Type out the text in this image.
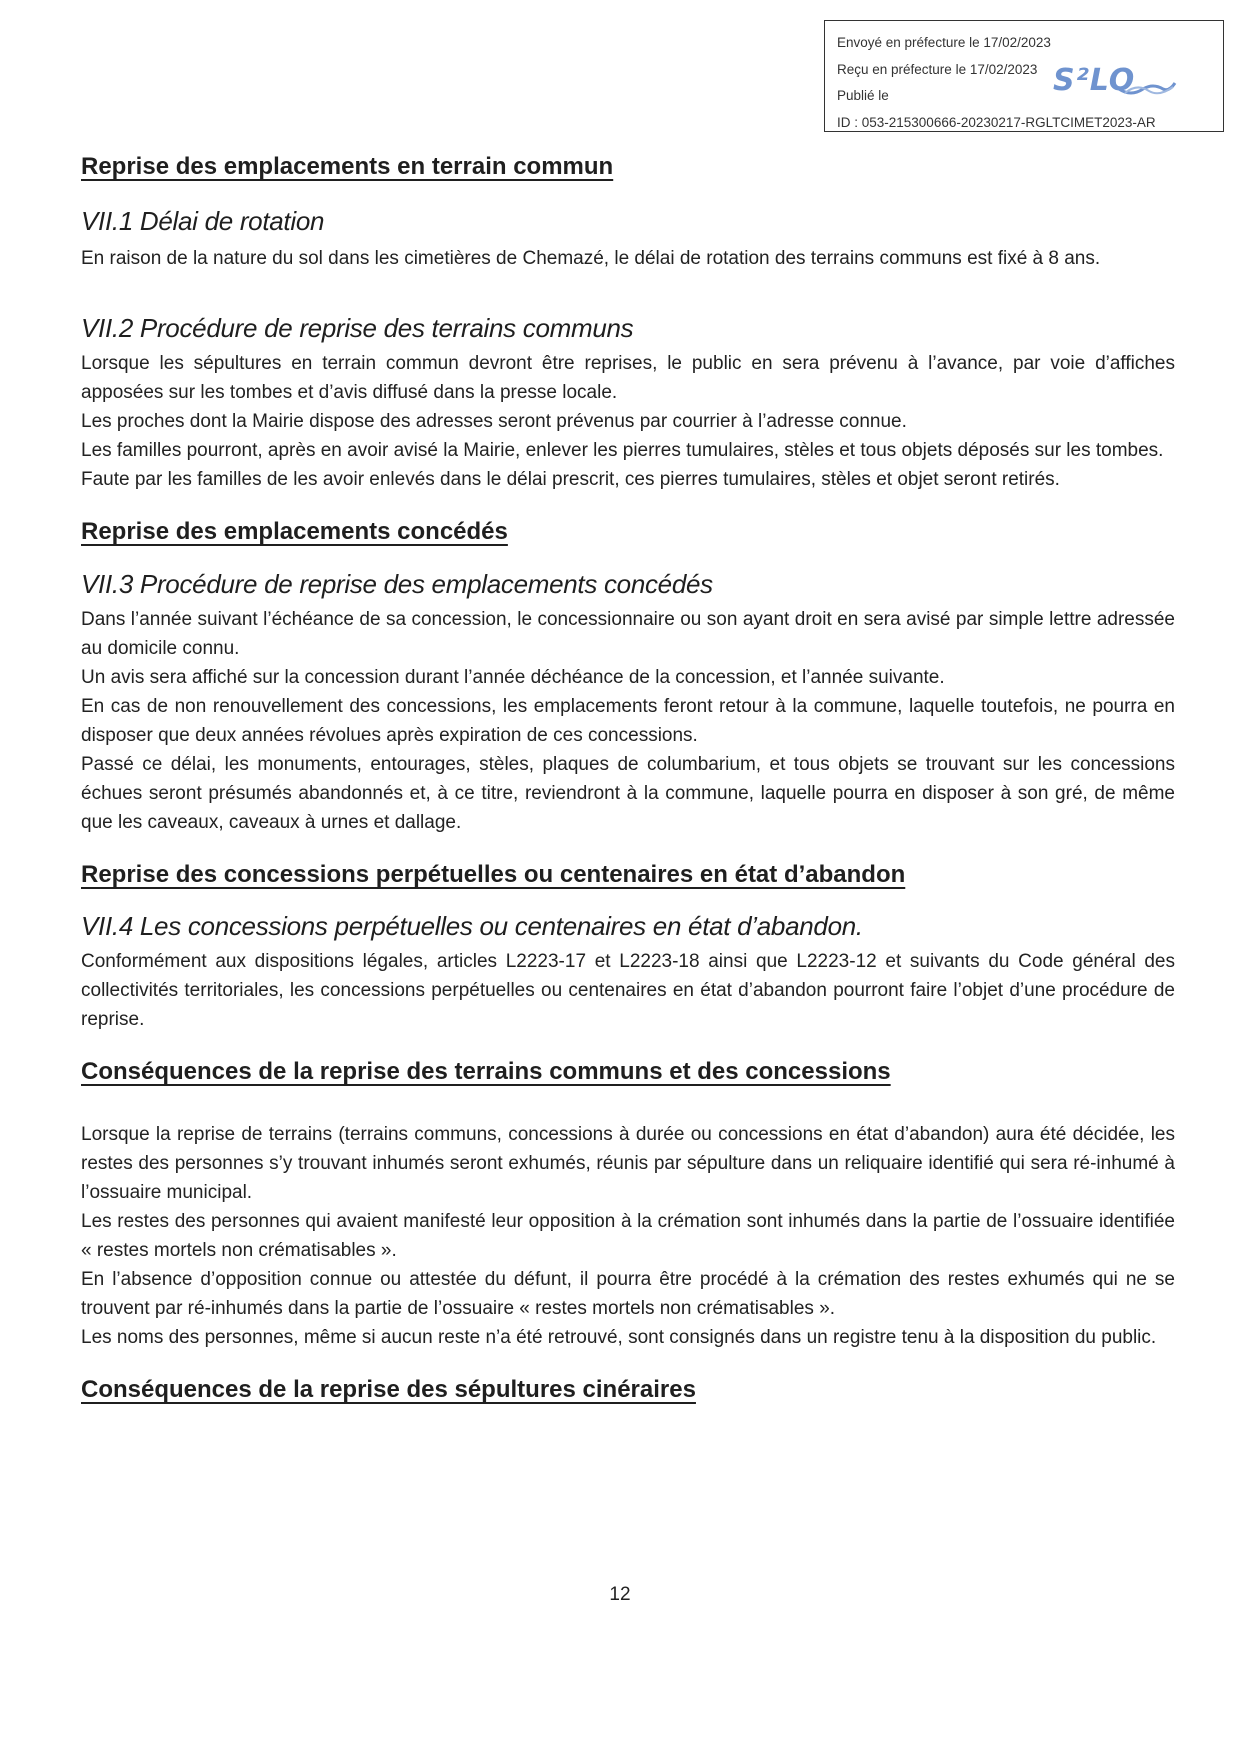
Envoyé en préfecture le 17/02/2023
Reçu en préfecture le 17/02/2023
Publié le
ID : 053-215300666-20230217-RGLTCIMET2023-AR
S²LO
Reprise des emplacements en terrain commun
VII.1 Délai de rotation

En raison de la nature du sol dans les cimetières de Chemazé, le délai de rotation des terrains communs est fixé à 8 ans.

VII.2 Procédure de reprise des terrains communs

Lorsque les sépultures en terrain commun devront être reprises, le public en sera prévenu à l’avance, par voie d’affiches apposées sur les tombes et d’avis diffusé dans la presse locale.

Les proches dont la Mairie dispose des adresses seront prévenus par courrier à l’adresse connue.

Les familles pourront, après en avoir avisé la Mairie, enlever les pierres tumulaires, stèles et tous objets déposés sur les tombes.

Faute par les familles de les avoir enlevés dans le délai prescrit, ces pierres tumulaires, stèles et objet seront retirés.

Reprise des emplacements concédés
VII.3 Procédure de reprise des emplacements concédés

Dans l’année suivant l’échéance de sa concession, le concessionnaire ou son ayant droit en sera avisé par simple lettre adressée au domicile connu.

Un avis sera affiché sur la concession durant l’année déchéance de la concession, et l’année suivante.

En cas de non renouvellement des concessions, les emplacements feront retour à la commune, laquelle toutefois, ne pourra en disposer que deux années révolues après expiration de ces concessions.

Passé ce délai, les monuments, entourages, stèles, plaques de columbarium, et tous objets se trouvant sur les concessions échues seront présumés abandonnés et, à ce titre, reviendront à la commune, laquelle pourra en disposer à son gré, de même que les caveaux, caveaux à urnes et dallage.

Reprise des concessions perpétuelles ou centenaires en état d’abandon
VII.4 Les concessions perpétuelles ou centenaires en état d’abandon.

Conformément aux dispositions légales, articles L2223-17 et L2223-18 ainsi que L2223-12 et suivants du Code général des collectivités territoriales, les concessions perpétuelles ou centenaires en état d’abandon pourront faire l’objet d’une procédure de reprise.

Conséquences de la reprise des terrains communs et des concessions

Lorsque la reprise de terrains (terrains communs, concessions à durée ou concessions en état d’abandon) aura été décidée, les restes des personnes s’y trouvant inhumés seront exhumés, réunis par sépulture dans un reliquaire identifié qui sera ré-inhumé à l’ossuaire municipal.

Les restes des personnes qui avaient manifesté leur opposition à la crémation sont inhumés dans la partie de l’ossuaire identifiée « restes mortels non crématisables ».

En l’absence d’opposition connue ou attestée du défunt, il pourra être procédé à la crémation des restes exhumés qui ne se trouvent par ré-inhumés dans la partie de l’ossuaire « restes mortels non crématisables ».

Les noms des personnes, même si aucun reste n’a été retrouvé, sont consignés dans un registre tenu à la disposition du public.

Conséquences de la reprise des sépultures cinéraires
12
